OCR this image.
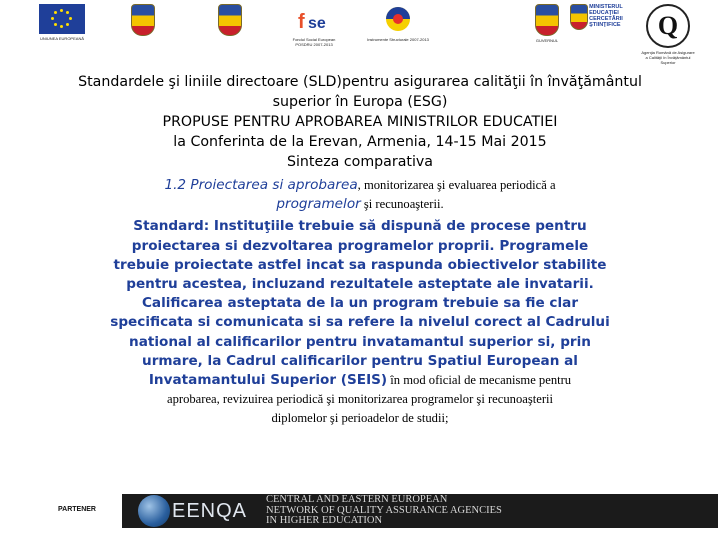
UNIUNEA EUROPEANĂ
f se
Fondul Social European POSDRU 2007-2013
Instrumente Structurale 2007-2013	GUVERNUL
MINISTERUL EDUCAŢIEI CERCETĂRII ŞTIINŢIFICE	Q
Agenţia Română de Asigurare a Calităţii în Învăţământul Superior
Standardele şi liniile directoare (SLD)pentru asigurarea calităţii în învăţământul
superior în Europa (ESG)
PROPUSE PENTRU APROBAREA MINISTRILOR EDUCATIEI
la Conferinta de la Erevan, Armenia, 14-15 Mai 2015
Sinteza comparativa
1.2 Proiectarea si aprobarea, monitorizarea şi evaluarea periodică a
programelor şi recunoaşterii.
Standard: Instituţiile trebuie să dispună de procese pentru proiectarea si dezvoltarea programelor proprii. Programele trebuie proiectate astfel incat sa raspunda obiectivelor stabilite pentru acestea, incluzand rezultatele asteptate ale invatarii. Calificarea asteptata de la un program trebuie sa fie clar specificata si comunicata si sa refere la nivelul corect al Cadrului national al calificarilor pentru invatamantul superior si, prin urmare, la Cadrul calificarilor pentru Spatiul European al Invatamantului Superior (SEIS) în mod oficial de mecanisme pentru
aprobarea, revizuirea periodică şi monitorizarea programelor şi recunoaşterii
diplomelor şi perioadelor de studii;
PARTENER	EENQA
CENTRAL AND EASTERN EUROPEAN
NETWORK OF QUALITY ASSURANCE AGENCIES
IN HIGHER EDUCATION
